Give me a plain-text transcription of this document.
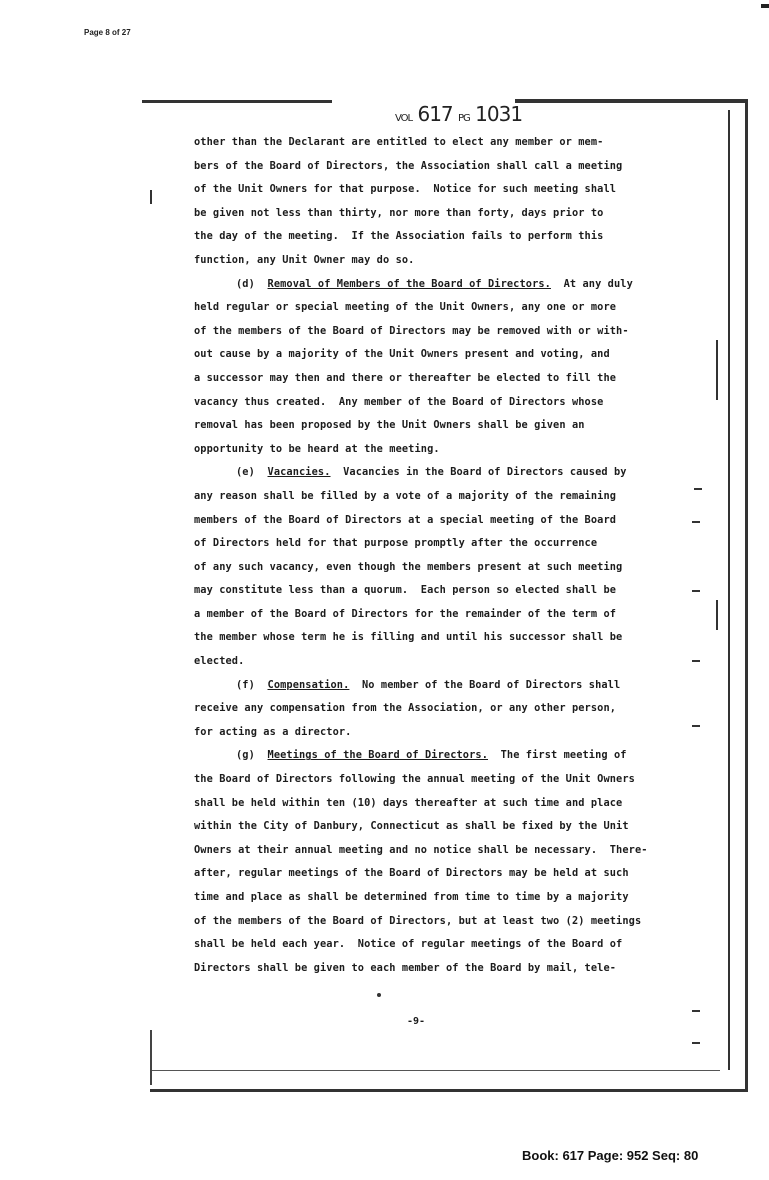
Page 8 of 27
VOL 617 PG 1031
other than the Declarant are entitled to elect any member or mem-
bers of the Board of Directors, the Association shall call a meeting
of the Unit Owners for that purpose.  Notice for such meeting shall
be given not less than thirty, nor more than forty, days prior to
the day of the meeting.  If the Association fails to perform this
function, any Unit Owner may do so.
(d) Removal of Members of the Board of Directors.  At any duly
held regular or special meeting of the Unit Owners, any one or more
of the members of the Board of Directors may be removed with or with-
out cause by a majority of the Unit Owners present and voting, and
a successor may then and there or thereafter be elected to fill the
vacancy thus created.  Any member of the Board of Directors whose
removal has been proposed by the Unit Owners shall be given an
opportunity to be heard at the meeting.
(e) Vacancies.  Vacancies in the Board of Directors caused by
any reason shall be filled by a vote of a majority of the remaining
members of the Board of Directors at a special meeting of the Board
of Directors held for that purpose promptly after the occurrence
of any such vacancy, even though the members present at such meeting
may constitute less than a quorum.  Each person so elected shall be
a member of the Board of Directors for the remainder of the term of
the member whose term he is filling and until his successor shall be
elected.
(f) Compensation.  No member of the Board of Directors shall
receive any compensation from the Association, or any other person,
for acting as a director.
(g) Meetings of the Board of Directors.  The first meeting of
the Board of Directors following the annual meeting of the Unit Owners
shall be held within ten (10) days thereafter at such time and place
within the City of Danbury, Connecticut as shall be fixed by the Unit
Owners at their annual meeting and no notice shall be necessary.  There-
after, regular meetings of the Board of Directors may be held at such
time and place as shall be determined from time to time by a majority
of the members of the Board of Directors, but at least two (2) meetings
shall be held each year.  Notice of regular meetings of the Board of
Directors shall be given to each member of the Board by mail, tele-
-9-
Book: 617 Page: 952 Seq: 80
